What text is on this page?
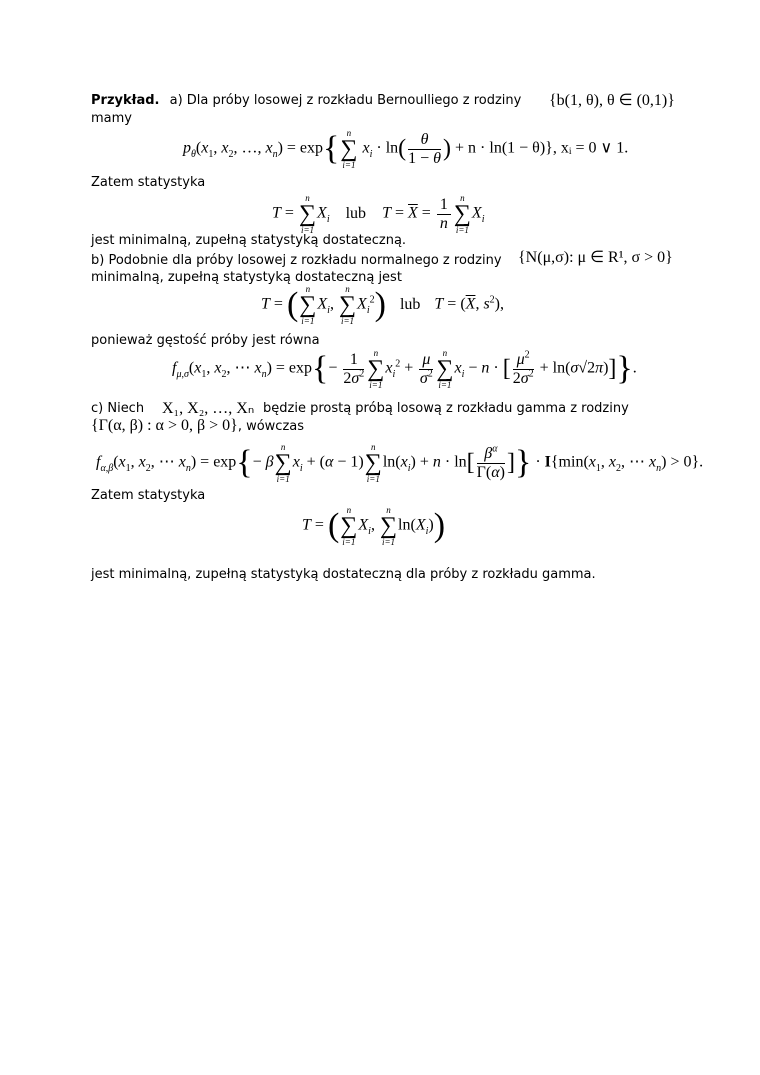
Przykład. a) Dla próby losowej z rozkładu Bernoulliego z rodziny	{b(1, θ), θ ∈ (0,1)}
mamy
$p_\theta(x_1$, $x_2$, …, $x_n) = \exp${ n
∑
i=1
$x_i \cdot \ln( \frac{\theta}{1 - \theta}$ ) + n · ln(1 − θ)}, xᵢ = 0 ∨ 1.
Zatem statystyka
T =
n
∑
i=1
$X_i$ lub $T = \overline{X} = \frac{1}{n}$	n
∑
i=1
$X_i$
jest minimalną, zupełną statystyką dostateczną.
b) Podobnie dla próby losowej z rozkładu normalnego z rodziny	{N(μ,σ): μ ∈ R¹, σ > 0}
minimalną, zupełną statystyką dostateczną jest
T = ( n
∑
i=1
$X_i$,
n
∑
i=1
$X_i^2$) lub $T = (\overline{X}$, $s^2$),
ponieważ gęstość próby jest równa
$f_{\mu,\sigma}(x_1$, $x_2$, ⋯ $x_n) = \exp\{- \frac{1}{2\sigma^2}$	n
∑
i=1
$x_i^2 + \frac{\mu}{\sigma^2}$	n
∑
i=1
$x_i - n$ · [ $\frac{\mu^2}{2\sigma^2} + \ln(\sigma√2\pi)$]}.
c) Niech	X₁, X₂, …, Xₙ będzie prostą próbą losową z rozkładu gamma z rodziny
{Γ(α, β) : α > 0, β > 0}, wówczas
$f_{\alpha,\beta}(x_1$, $x_2$, ⋯ $x_n) = \exp\{- \beta$
n
∑
i=1
$x_i + (\alpha - 1)$
n
∑
i=1
$\ln(x_i) + n \cdot \ln[ \frac{\beta^\alpha}{\Gamma(\alpha)}$ ]} · $I\{\min(x_1$, $x_2$, ⋯ $x_n) > 0$}.
Zatem statystyka
T = ( n
∑
i=1
$X_i$,
n
∑
i=1
$\ln(X_i)$)
jest minimalną, zupełną statystyką dostateczną dla próby z rozkładu gamma.
